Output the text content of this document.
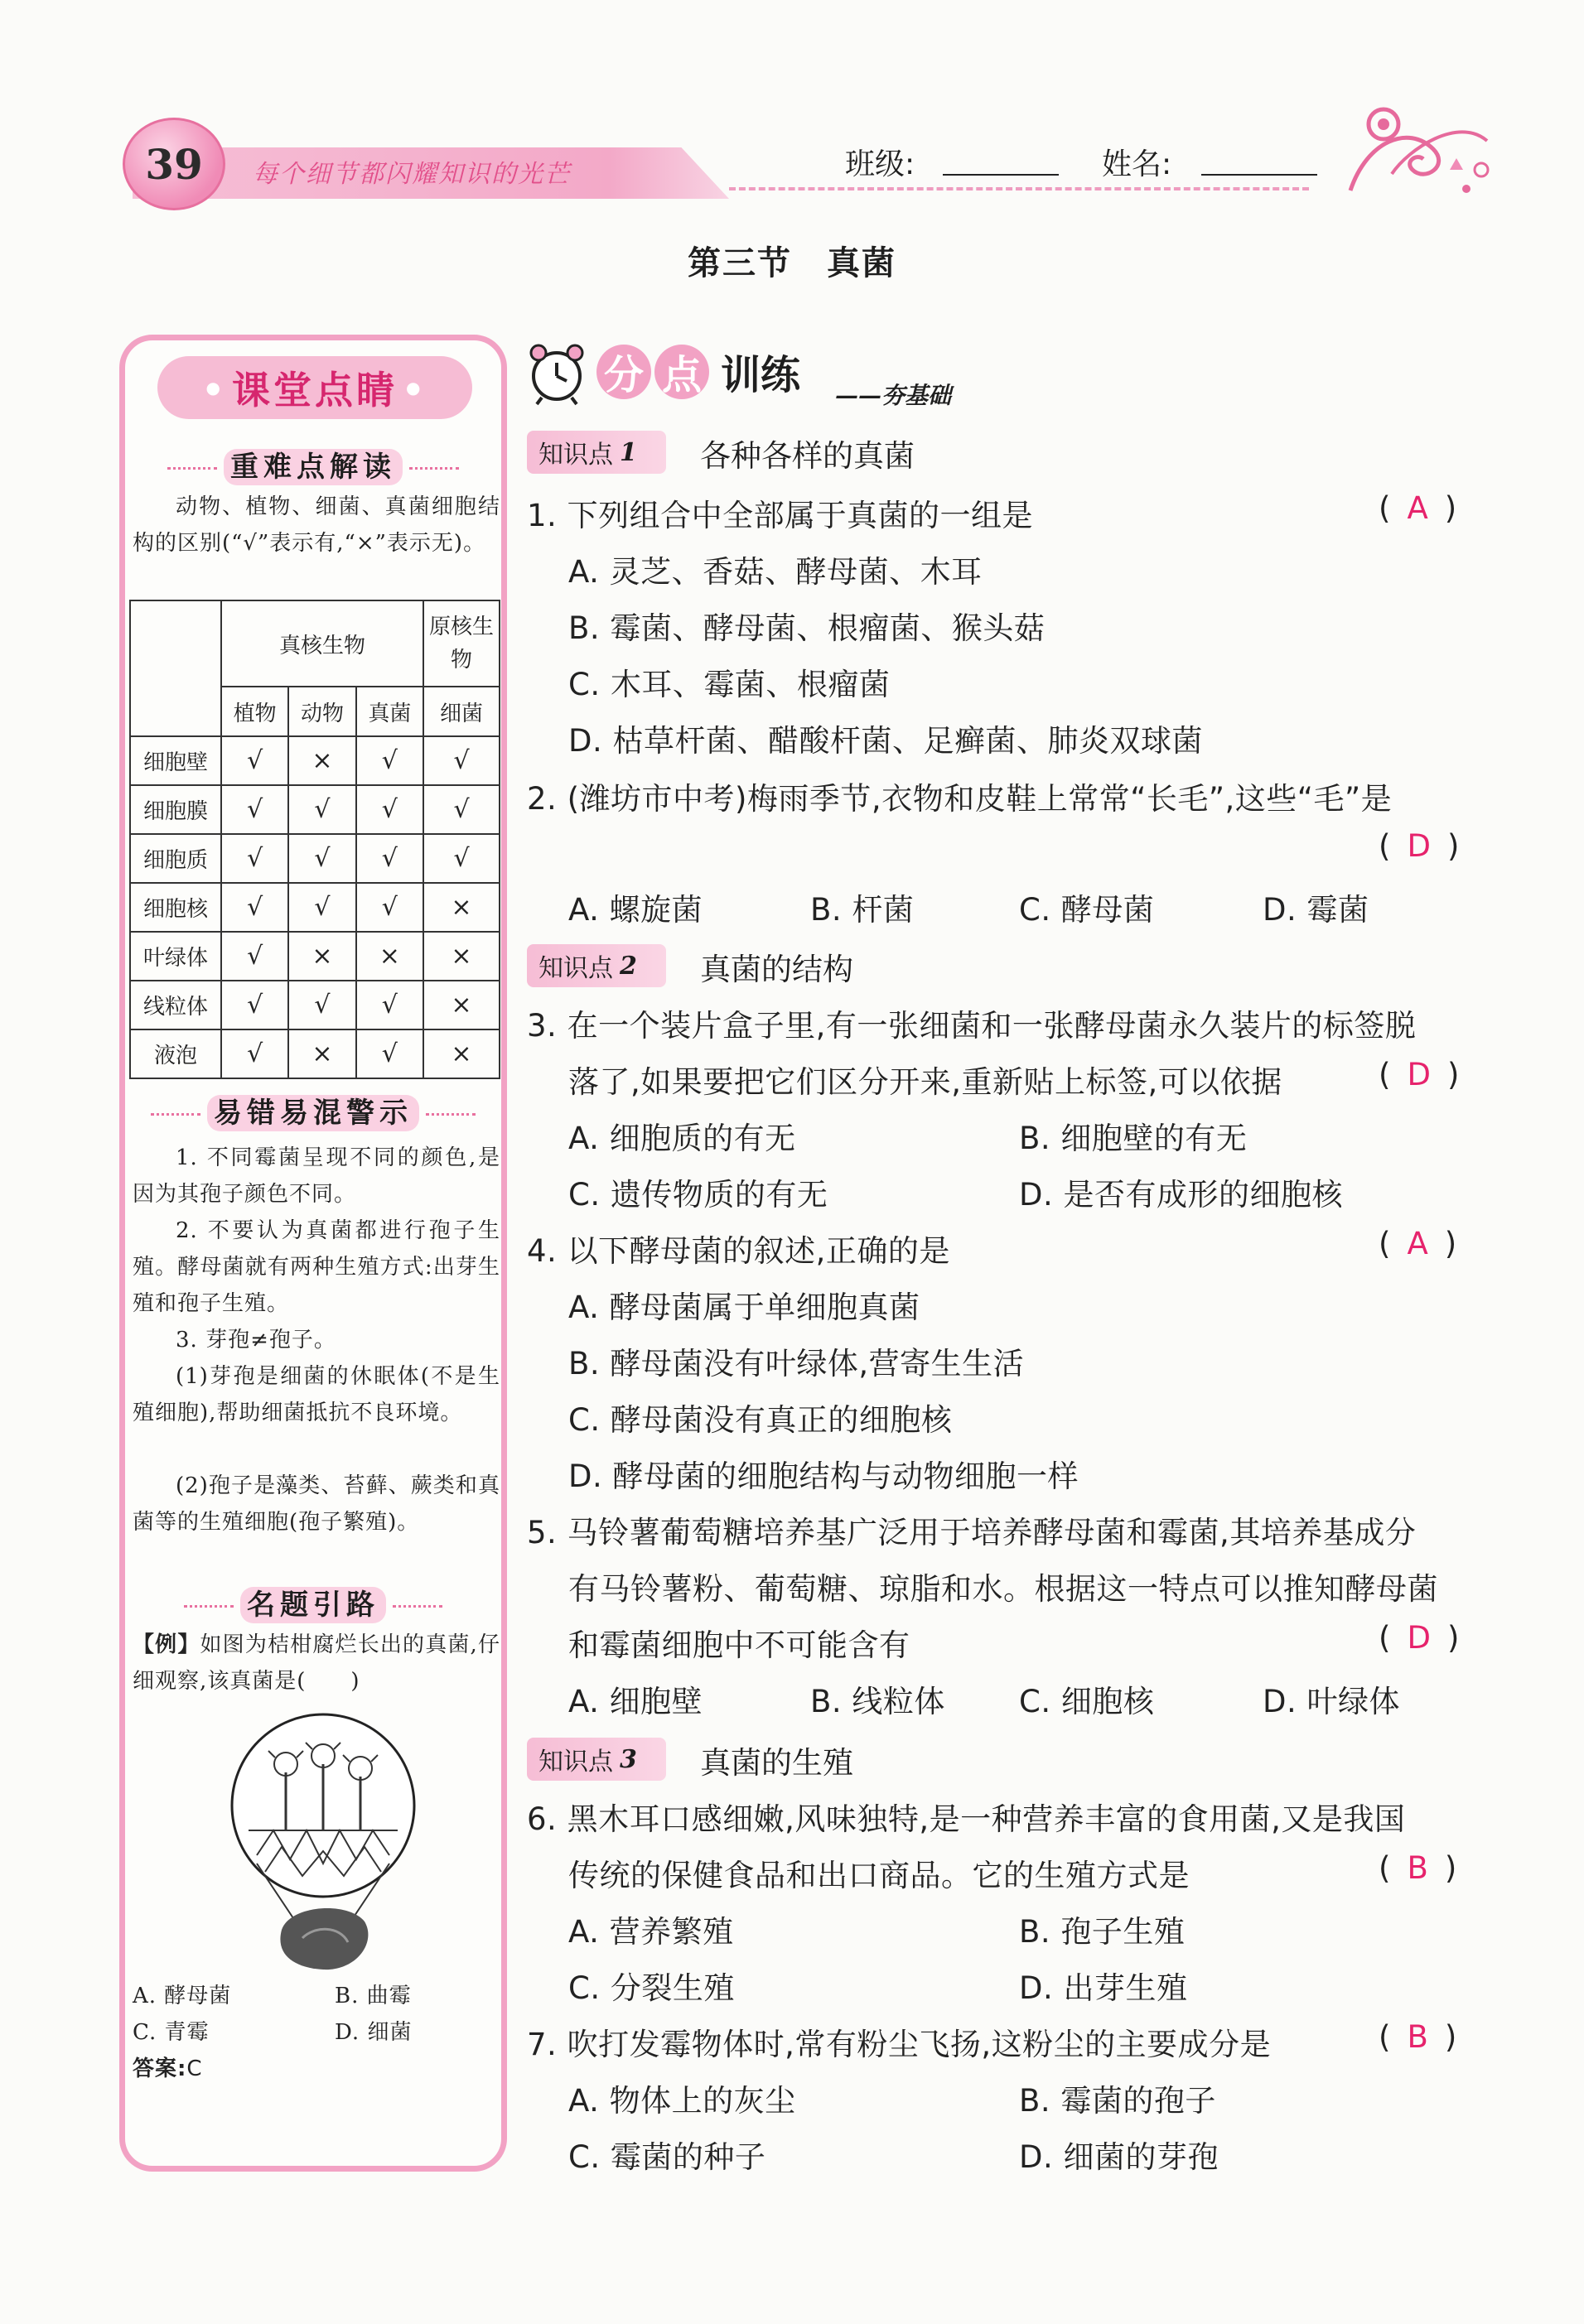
39	每个细节都闪耀知识的光芒	班级:	姓名:
第三节　真菌
● 课堂点睛 ●
重难点解读
动物、植物、细菌、真菌细胞结构的区别(“√”表示有,“×”表示无)。
	真核生物			原核生物
	植物	动物	真菌	细菌
细胞壁	√	×	√	√
细胞膜	√	√	√	√
细胞质	√	√	√	√
细胞核	√	√	√	×
叶绿体	√	×	×	×
线粒体	√	√	√	×
液泡	√	×	√	×
易错易混警示
1. 不同霉菌呈现不同的颜色,是因为其孢子颜色不同。
2. 不要认为真菌都进行孢子生殖。酵母菌就有两种生殖方式:出芽生殖和孢子生殖。
3. 芽孢≠孢子。
(1)芽孢是细菌的休眠体(不是生殖细胞),帮助细菌抵抗不良环境。
(2)孢子是藻类、苔藓、蕨类和真菌等的生殖细胞(孢子繁殖)。
名题引路
【例】如图为桔柑腐烂长出的真菌,仔细观察,该真菌是(　　)
A. 酵母菌	B. 曲霉
C. 青霉	D. 细菌
答案:C
分 点 训练 ——夯基础
知识点 1 各种各样的真菌
1. 下列组合中全部属于真菌的一组是	( A )
A. 灵芝、香菇、酵母菌、木耳
B. 霉菌、酵母菌、根瘤菌、猴头菇
C. 木耳、霉菌、根瘤菌
D. 枯草杆菌、醋酸杆菌、足癣菌、肺炎双球菌
2. (潍坊市中考)梅雨季节,衣物和皮鞋上常常“长毛”,这些“毛”是
( D )
A. 螺旋菌	B. 杆菌	C. 酵母菌	D. 霉菌
知识点 2 真菌的结构
3. 在一个装片盒子里,有一张细菌和一张酵母菌永久装片的标签脱
落了,如果要把它们区分开来,重新贴上标签,可以依据	( D )
A. 细胞质的有无	B. 细胞壁的有无
C. 遗传物质的有无	D. 是否有成形的细胞核
4. 以下酵母菌的叙述,正确的是	( A )
A. 酵母菌属于单细胞真菌
B. 酵母菌没有叶绿体,营寄生生活
C. 酵母菌没有真正的细胞核
D. 酵母菌的细胞结构与动物细胞一样
5. 马铃薯葡萄糖培养基广泛用于培养酵母菌和霉菌,其培养基成分
有马铃薯粉、葡萄糖、琼脂和水。根据这一特点可以推知酵母菌
和霉菌细胞中不可能含有	( D )
A. 细胞壁	B. 线粒体 C. 细胞核	D. 叶绿体
知识点 3 真菌的生殖
6. 黑木耳口感细嫩,风味独特,是一种营养丰富的食用菌,又是我国
传统的保健食品和出口商品。它的生殖方式是	( B )
A. 营养繁殖	B. 孢子生殖
C. 分裂生殖	D. 出芽生殖
7. 吹打发霉物体时,常有粉尘飞扬,这粉尘的主要成分是	( B )
A. 物体上的灰尘	B. 霉菌的孢子
C. 霉菌的种子	D. 细菌的芽孢
